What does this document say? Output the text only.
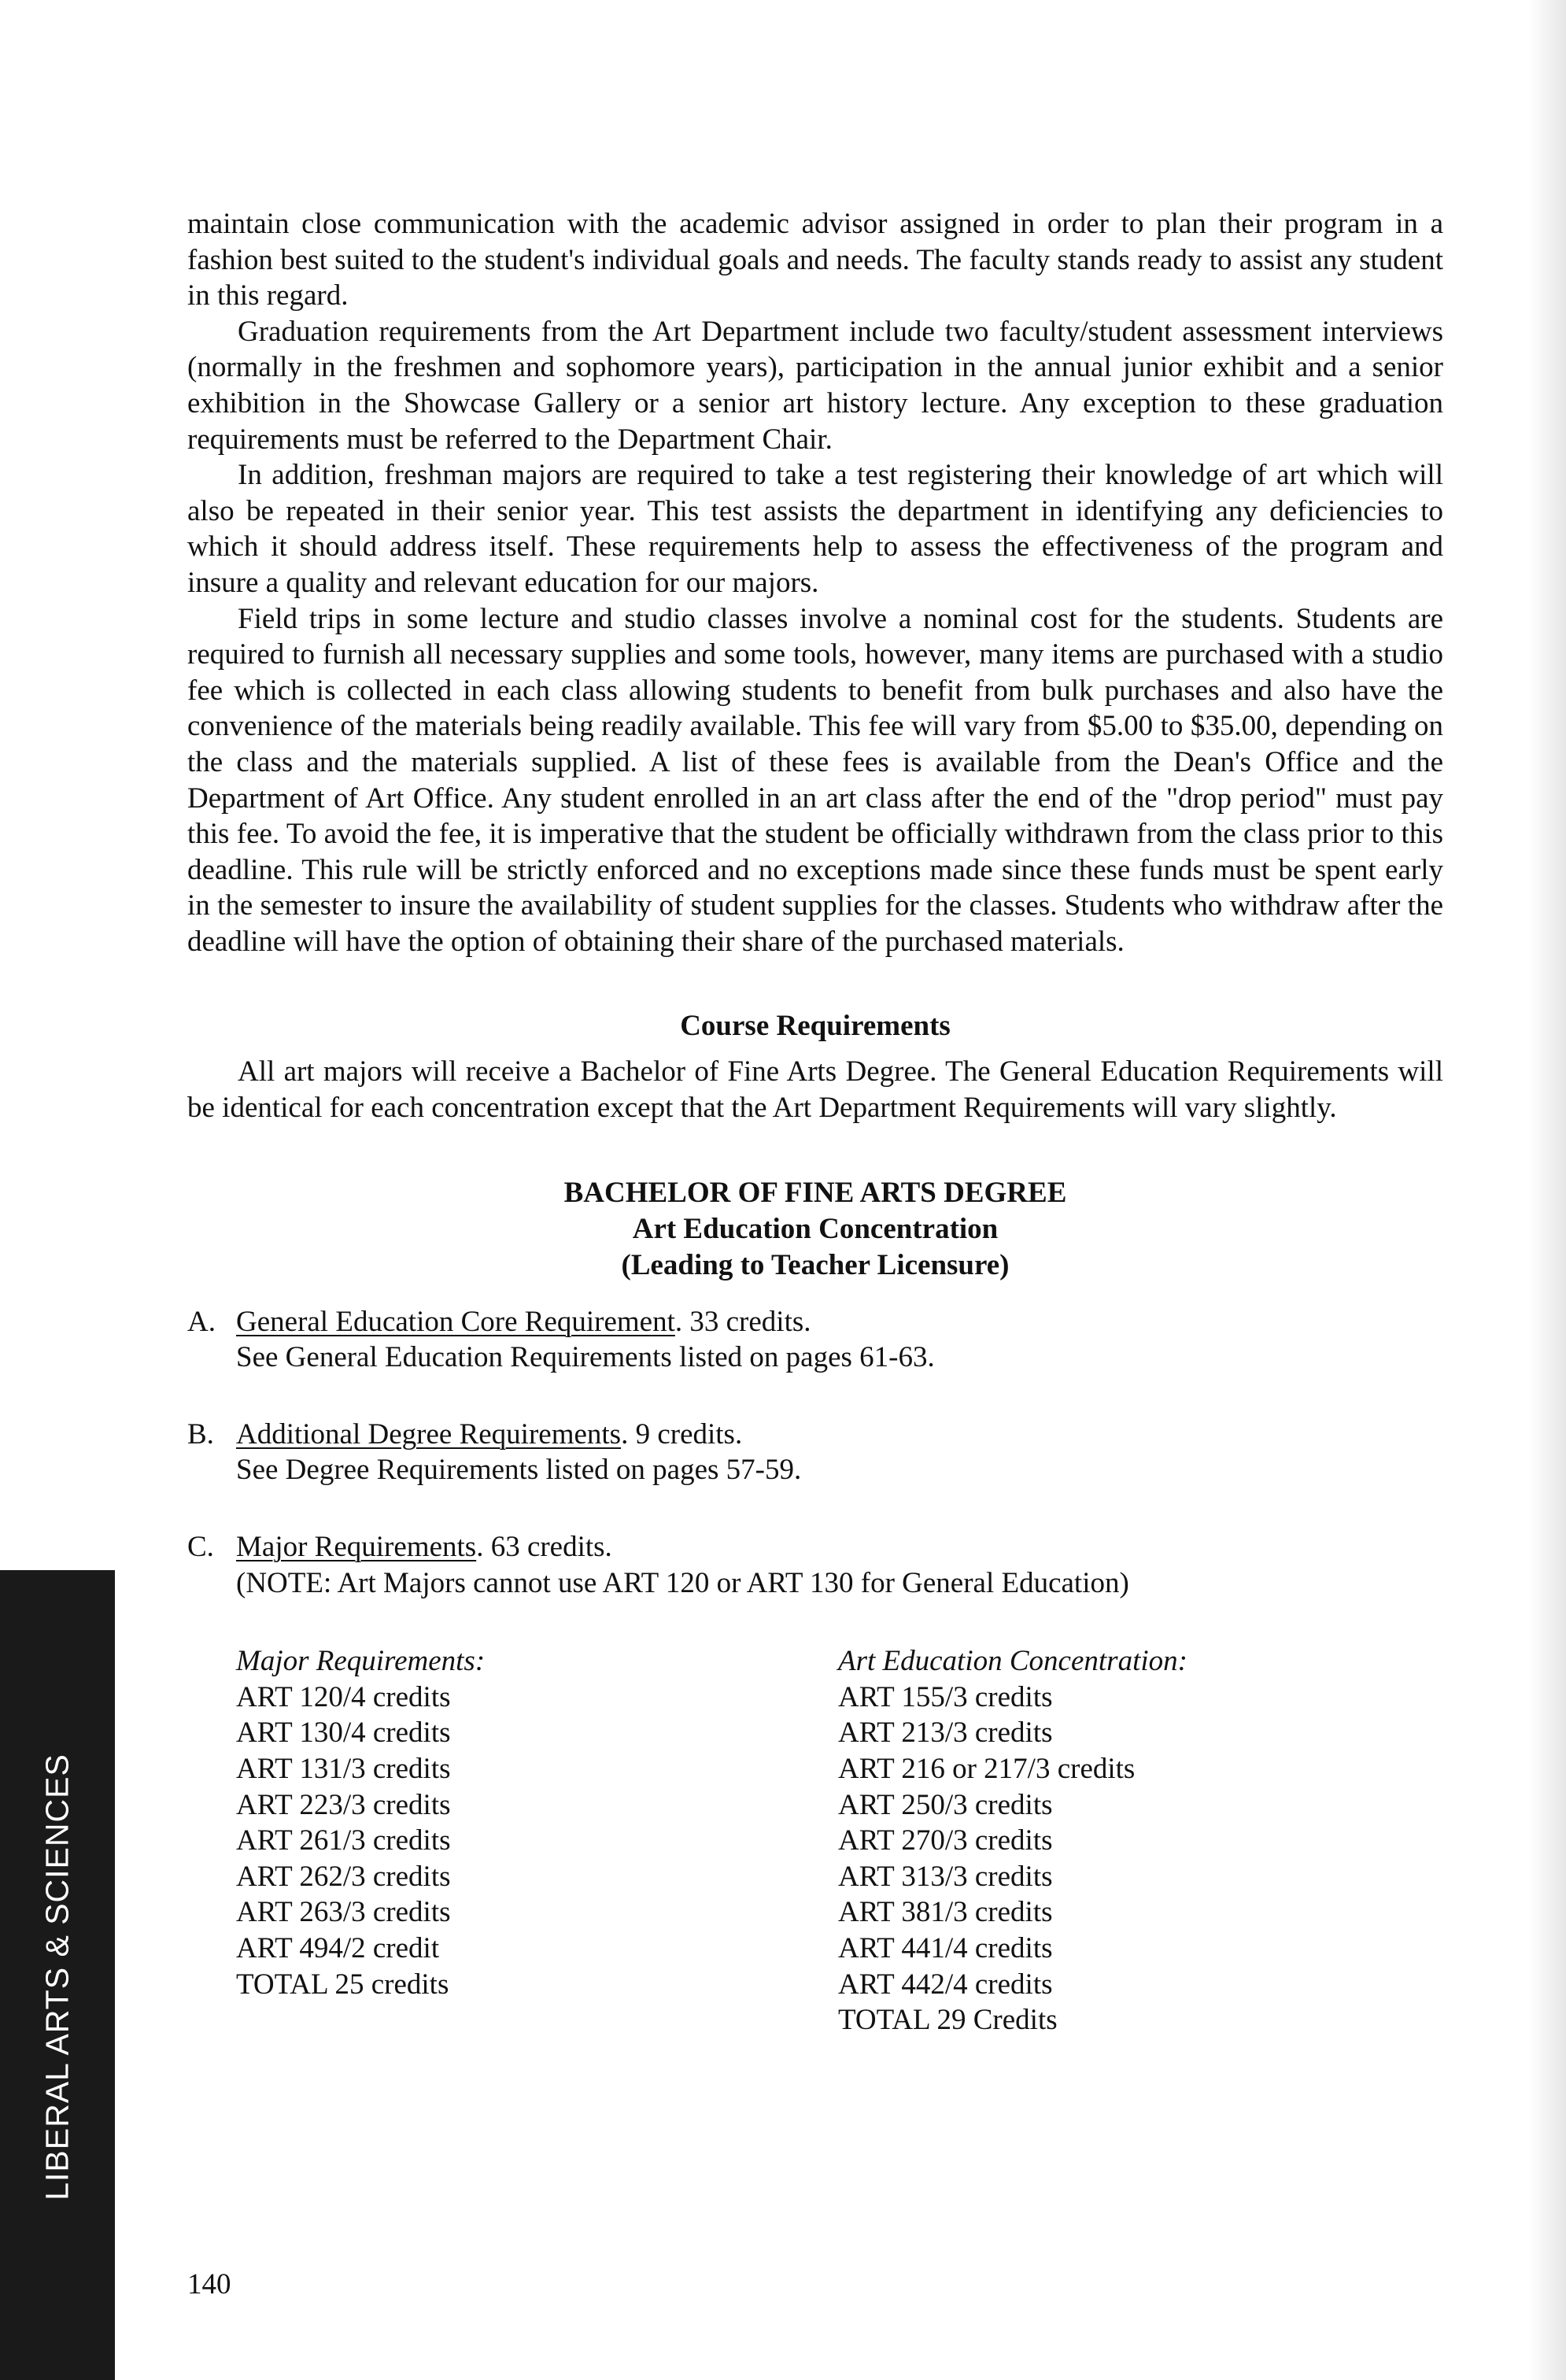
maintain close communication with the academic advisor assigned in order to plan their program in a fashion best suited to the student's individual goals and needs. The faculty stands ready to assist any student in this regard.

Graduation requirements from the Art Department include two faculty/student assessment interviews (normally in the freshmen and sophomore years), participation in the annual junior exhibit and a senior exhibition in the Showcase Gallery or a senior art history lecture. Any exception to these graduation requirements must be referred to the Department Chair.

In addition, freshman majors are required to take a test registering their knowledge of art which will also be repeated in their senior year. This test assists the department in identifying any deficiencies to which it should address itself. These requirements help to assess the effectiveness of the program and insure a quality and relevant education for our majors.

Field trips in some lecture and studio classes involve a nominal cost for the students. Students are required to furnish all necessary supplies and some tools, however, many items are purchased with a studio fee which is collected in each class allowing students to benefit from bulk purchases and also have the convenience of the materials being readily available. This fee will vary from $5.00 to $35.00, depending on the class and the materials supplied. A list of these fees is available from the Dean's Office and the Department of Art Office. Any student enrolled in an art class after the end of the "drop period" must pay this fee. To avoid the fee, it is imperative that the student be officially withdrawn from the class prior to this deadline. This rule will be strictly enforced and no exceptions made since these funds must be spent early in the semester to insure the availability of student supplies for the classes. Students who withdraw after the deadline will have the option of obtaining their share of the purchased materials.

Course Requirements

All art majors will receive a Bachelor of Fine Arts Degree. The General Education Requirements will be identical for each concentration except that the Art Department Requirements will vary slightly.

BACHELOR OF FINE ARTS DEGREE
Art Education Concentration
(Leading to Teacher Licensure)
A. General Education Core Requirement. 33 credits.
See General Education Requirements listed on pages 61-63.
B. Additional Degree Requirements. 9 credits.
See Degree Requirements listed on pages 57-59.
C. Major Requirements. 63 credits.
(NOTE: Art Majors cannot use ART 120 or ART 130 for General Education)
Major Requirements:
ART 120/4 credits
ART 130/4 credits
ART 131/3 credits
ART 223/3 credits
ART 261/3 credits
ART 262/3 credits
ART 263/3 credits
ART 494/2 credit
TOTAL 25 credits
Art Education Concentration:
ART 155/3 credits
ART 213/3 credits
ART 216 or 217/3 credits
ART 250/3 credits
ART 270/3 credits
ART 313/3 credits
ART 381/3 credits
ART 441/4 credits
ART 442/4 credits
TOTAL 29 Credits
LIBERAL ARTS & SCIENCES
140
